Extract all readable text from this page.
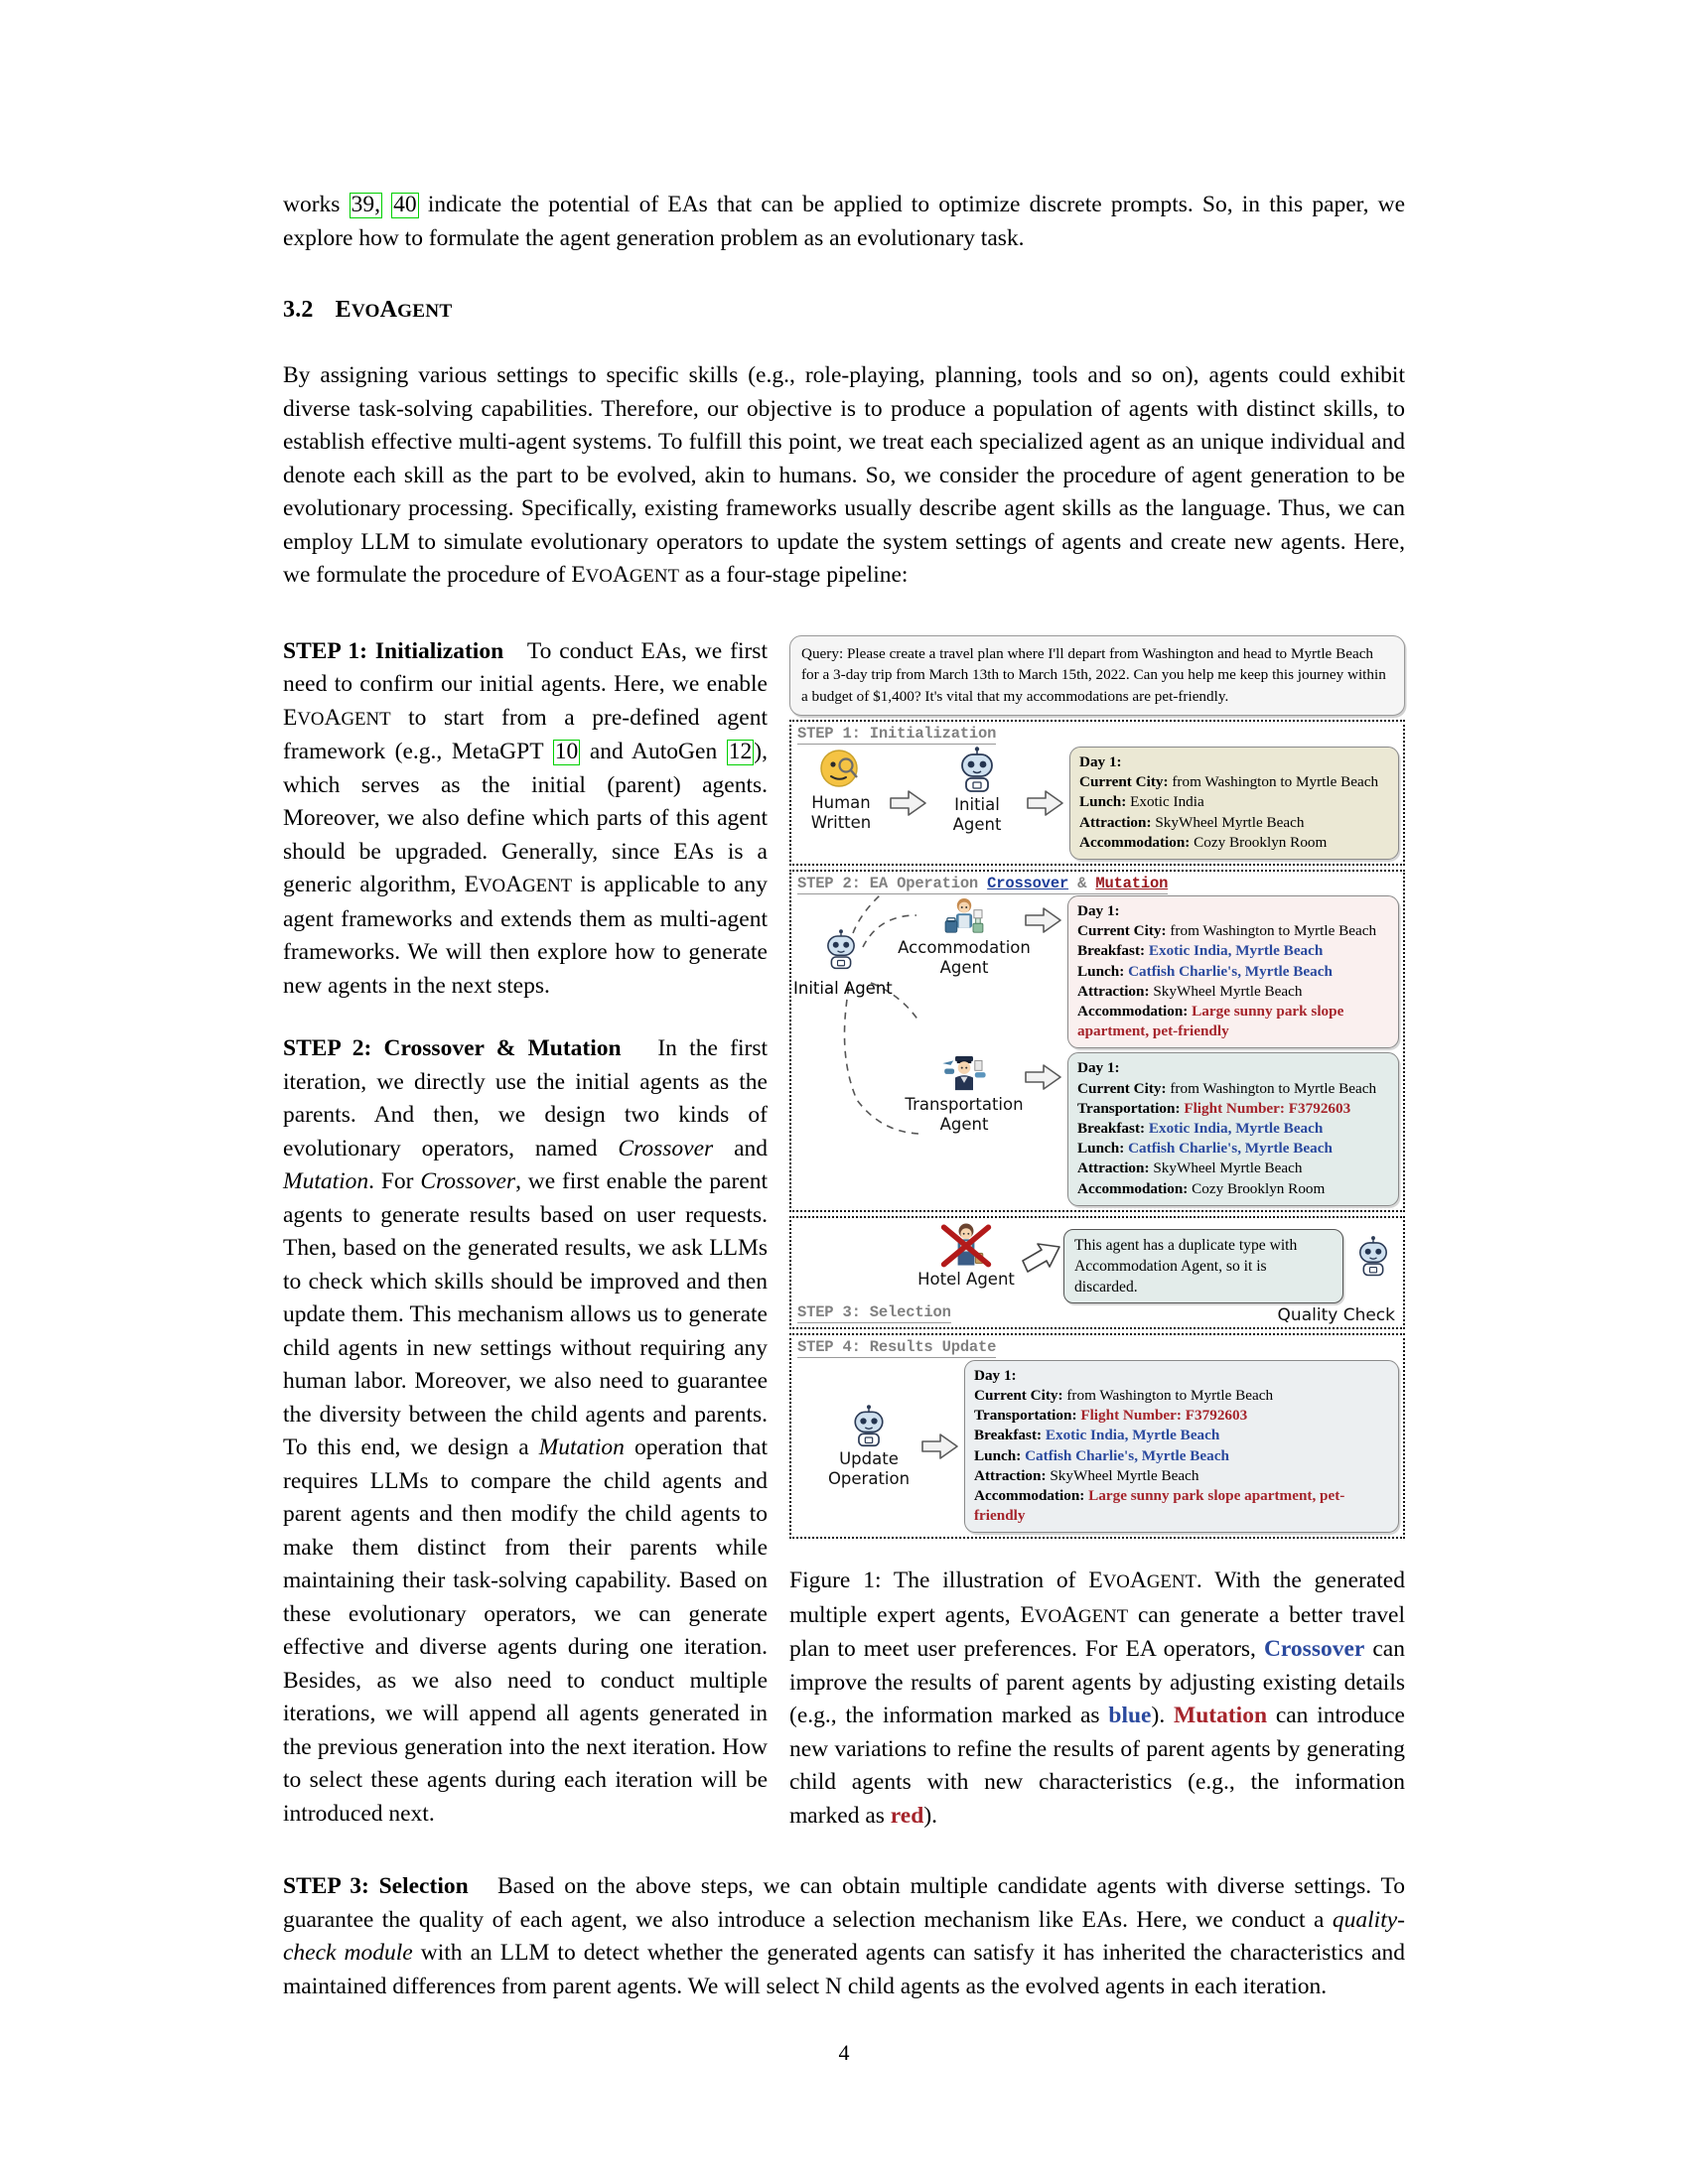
works 39, 40 indicate the potential of EAs that can be applied to optimize discrete prompts. So, in this paper, we explore how to formulate the agent generation problem as an evolutionary task.

3.2 EVOAGENT

By assigning various settings to specific skills (e.g., role-playing, planning, tools and so on), agents could exhibit diverse task-solving capabilities. Therefore, our objective is to produce a population of agents with distinct skills, to establish effective multi-agent systems. To fulfill this point, we treat each specialized agent as an unique individual and denote each skill as the part to be evolved, akin to humans. So, we consider the procedure of agent generation to be evolutionary processing. Specifically, existing frameworks usually describe agent skills as the language. Thus, we can employ LLM to simulate evolutionary operators to update the system settings of agents and create new agents. Here, we formulate the procedure of EVOAGENT as a four-stage pipeline:

Query: Please create a travel plan where I'll depart from Washington and head to Myrtle Beach for a 3-day trip from March 13th to March 15th, 2022. Can you help me keep this journey within a budget of $1,400? It's vital that my accommodations are pet-friendly.
STEP 1: Initialization
Human
Written
Initial
Agent
Day 1:
Current City: from Washington to Myrtle Beach
Lunch: Exotic India
Attraction: SkyWheel Myrtle Beach
Accommodation: Cozy Brooklyn Room
STEP 2: EA Operation Crossover & Mutation
Initial Agent
Accommodation
Agent
Day 1:
Current City: from Washington to Myrtle Beach
Breakfast: Exotic India, Myrtle Beach
Lunch: Catfish Charlie's, Myrtle Beach
Attraction: SkyWheel Myrtle Beach
Accommodation: Large sunny park slope apartment, pet-friendly
Transportation
Agent
Day 1:
Current City: from Washington to Myrtle Beach
Transportation: Flight Number: F3792603
Breakfast: Exotic India, Myrtle Beach
Lunch: Catfish Charlie's, Myrtle Beach
Attraction: SkyWheel Myrtle Beach
Accommodation: Cozy Brooklyn Room
Hotel Agent
This agent has a duplicate type with
Accommodation Agent, so it is discarded.
STEP 3: Selection	Quality Check
STEP 4: Results Update
Update
Operation
Day 1:
Current City: from Washington to Myrtle Beach
Transportation: Flight Number: F3792603
Breakfast: Exotic India, Myrtle Beach
Lunch: Catfish Charlie's, Myrtle Beach
Attraction: SkyWheel Myrtle Beach
Accommodation: Large sunny park slope apartment, pet-friendly
Figure 1: The illustration of EVOAGENT. With the generated multiple expert agents, EVOAGENT can generate a better travel plan to meet user preferences. For EA operators, Crossover can improve the results of parent agents by adjusting existing details (e.g., the information marked as blue). Mutation can introduce new variations to refine the results of parent agents by generating child agents with new characteristics (e.g., the information marked as red).

STEP 1: Initialization To conduct EAs, we first need to confirm our initial agents. Here, we enable EVOAGENT to start from a pre-defined agent framework (e.g., MetaGPT 10 and AutoGen 12), which serves as the initial (parent) agents. Moreover, we also define which parts of this agent should be upgraded. Generally, since EAs is a generic algorithm, EVOAGENT is applicable to any agent frameworks and extends them as multi-agent frameworks. We will then explore how to generate new agents in the next steps.

STEP 2: Crossover & Mutation In the first iteration, we directly use the initial agents as the parents. And then, we design two kinds of evolutionary operators, named Crossover and Mutation. For Crossover, we first enable the parent agents to generate results based on user requests. Then, based on the generated results, we ask LLMs to check which skills should be improved and then update them. This mechanism allows us to generate child agents in new settings without requiring any human labor. Moreover, we also need to guarantee the diversity between the child agents and parents. To this end, we design a Mutation operation that requires LLMs to compare the child agents and parent agents and then modify the child agents to make them distinct from their parents while maintaining their task-solving capability. Based on these evolutionary operators, we can generate effective and diverse agents during one iteration. Besides, as we also need to conduct multiple iterations, we will append all agents generated in the previous generation into the next iteration. How to select these agents during each iteration will be introduced next.

STEP 3: Selection Based on the above steps, we can obtain multiple candidate agents with diverse settings. To guarantee the quality of each agent, we also introduce a selection mechanism like EAs. Here, we conduct a quality-check module with an LLM to detect whether the generated agents can satisfy it has inherited the characteristics and maintained differences from parent agents. We will select N child agents as the evolved agents in each iteration.

4
